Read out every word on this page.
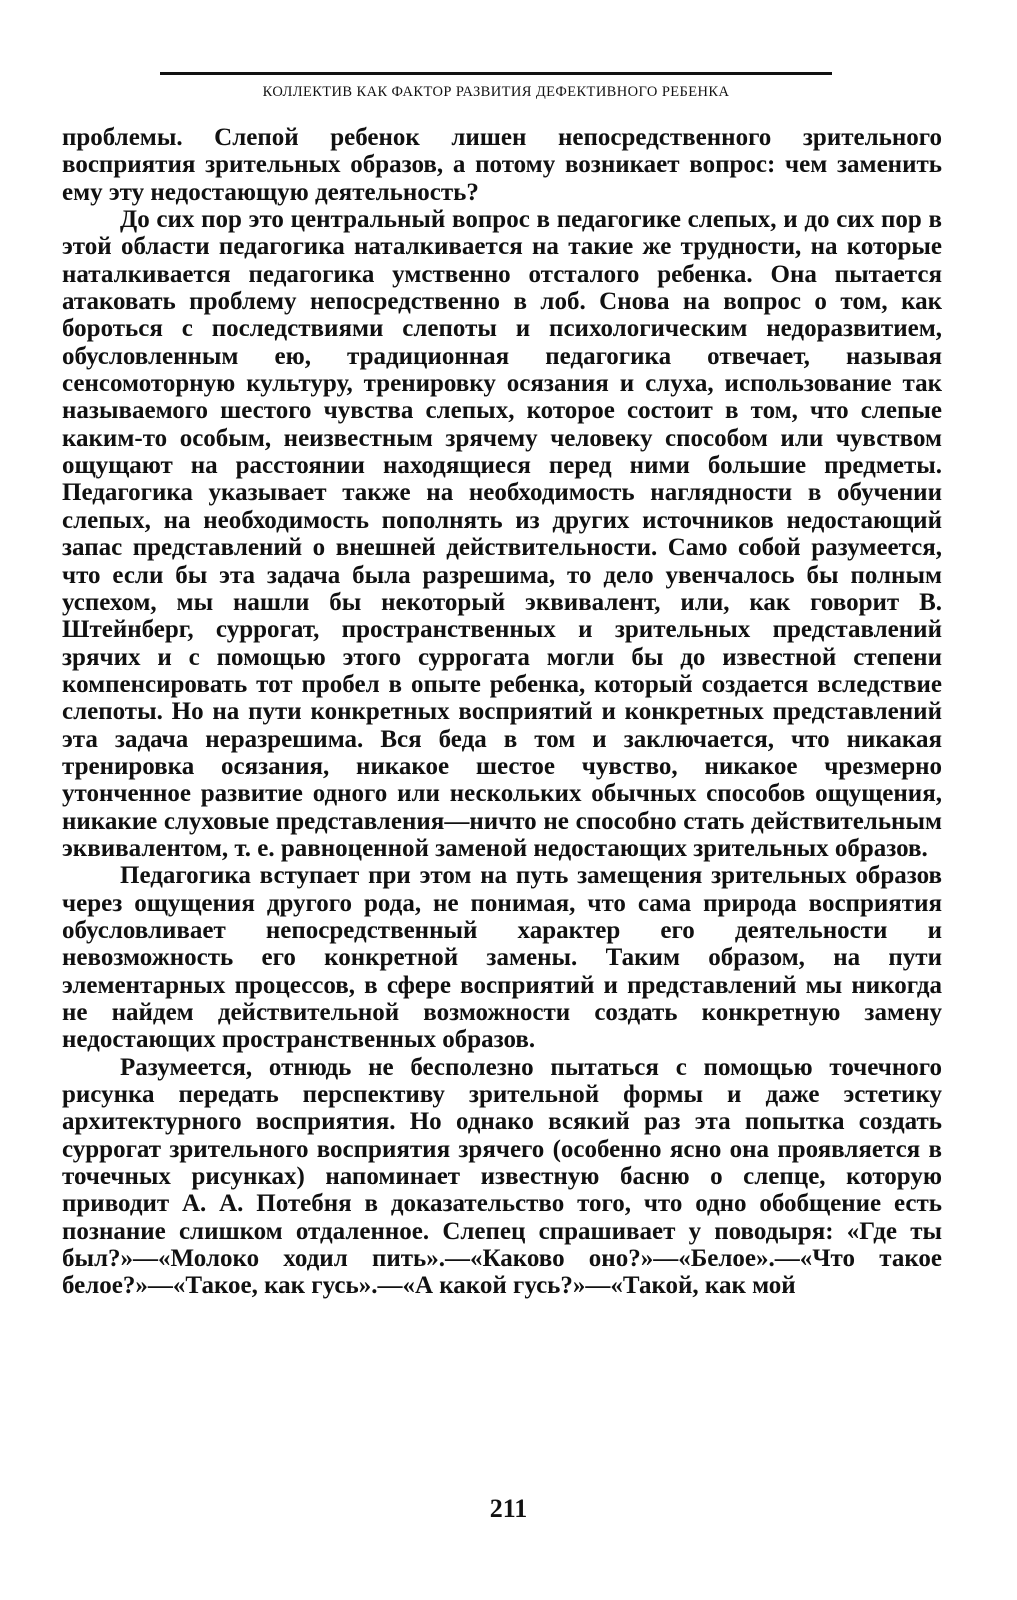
КОЛЛЕКТИВ КАК ФАКТОР РАЗВИТИЯ ДЕФЕКТИВНОГО РЕБЕНКА

проблемы. Слепой ребенок лишен непосредственного зрительного восприятия зрительных образов, а потому возникает вопрос: чем заменить ему эту недостающую деятельность?

До сих пор это центральный вопрос в педагогике слепых, и до сих пор в этой области педагогика наталкивается на такие же трудности, на которые наталкивается педагогика умственно отсталого ребенка. Она пытается атаковать проблему непосредственно в лоб. Снова на вопрос о том, как бороться с последствиями слепоты и психологическим недоразвитием, обусловленным ею, традиционная педагогика отвечает, называя сенсомоторную культуру, тренировку осязания и слуха, использование так называемого шестого чувства слепых, которое состоит в том, что слепые каким-то особым, неизвестным зрячему человеку способом или чувством ощущают на расстоянии находящиеся перед ними большие предметы. Педагогика указывает также на необходимость наглядности в обучении слепых, на необходимость пополнять из других источников недостающий запас представлений о внешней действительности. Само собой разумеется, что если бы эта задача была разрешима, то дело увенчалось бы полным успехом, мы нашли бы некоторый эквивалент, или, как говорит В. Штейнберг, суррогат, пространственных и зрительных представлений зрячих и с помощью этого суррогата могли бы до известной степени компенсировать тот пробел в опыте ребенка, который создается вследствие слепоты. Но на пути конкретных восприятий и конкретных представлений эта задача неразрешима. Вся беда в том и заключается, что никакая тренировка осязания, никакое шестое чувство, никакое чрезмерно утонченное развитие одного или нескольких обычных способов ощущения, никакие слуховые представления—ничто не способно стать действительным эквивалентом, т. е. равноценной заменой недостающих зрительных образов.

Педагогика вступает при этом на путь замещения зрительных образов через ощущения другого рода, не понимая, что сама природа восприятия обусловливает непосредственный характер его деятельности и невозможность его конкретной замены. Таким образом, на пути элементарных процессов, в сфере восприятий и представлений мы никогда не найдем действительной возможности создать конкретную замену недостающих пространственных образов.

Разумеется, отнюдь не бесполезно пытаться с помощью точечного рисунка передать перспективу зрительной формы и даже эстетику архитектурного восприятия. Но однако всякий раз эта попытка создать суррогат зрительного восприятия зрячего (особенно ясно она проявляется в точечных рисунках) напоминает известную басню о слепце, которую приводит А. А. Потебня в доказательство того, что одно обобщение есть познание слишком отдаленное. Слепец спрашивает у поводыря: «Где ты был?»—«Молоко ходил пить».—«Каково оно?»—«Белое».—«Что такое белое?»—«Такое, как гусь».—«А какой гусь?»—«Такой, как мой

211
